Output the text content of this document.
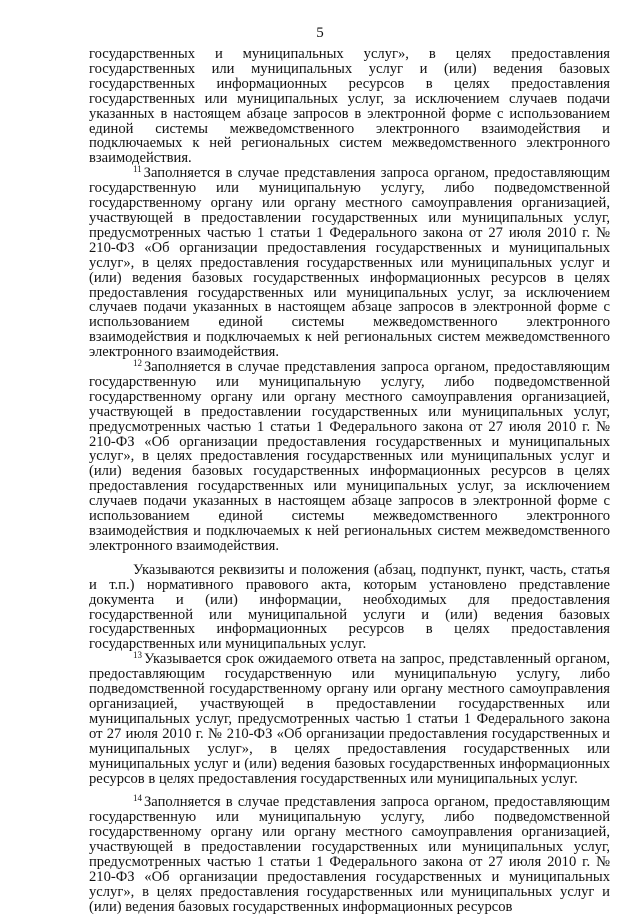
5

государственных и муниципальных услуг», в целях предоставления государственных или муниципальных услуг и (или) ведения базовых государственных информационных ресурсов в целях предоставления государственных или муниципальных услуг, за исключением случаев подачи указанных в настоящем абзаце запросов в электронной форме с использованием единой системы межведомственного электронного взаимодействия и подключаемых к ней региональных систем межведомственного электронного взаимодействия.

$^{11}$ Заполняется в случае представления запроса органом, предоставляющим государственную или муниципальную услугу, либо подведомственной государственному органу или органу местного самоуправления организацией, участвующей в предоставлении государственных или муниципальных услуг, предусмотренных частью 1 статьи 1 Федерального закона от 27 июля 2010 г. № 210-ФЗ «Об организации предоставления государственных и муниципальных услуг», в целях предоставления государственных или муниципальных услуг и (или) ведения базовых государственных информационных ресурсов в целях предоставления государственных или муниципальных услуг, за исключением случаев подачи указанных в настоящем абзаце запросов в электронной форме с использованием единой системы межведомственного электронного взаимодействия и подключаемых к ней региональных систем межведомственного электронного взаимодействия.

$^{12}$ Заполняется в случае представления запроса органом, предоставляющим государственную или муниципальную услугу, либо подведомственной государственному органу или органу местного самоуправления организацией, участвующей в предоставлении государственных или муниципальных услуг, предусмотренных частью 1 статьи 1 Федерального закона от 27 июля 2010 г. № 210-ФЗ «Об организации предоставления государственных и муниципальных услуг», в целях предоставления государственных или муниципальных услуг и (или) ведения базовых государственных информационных ресурсов в целях предоставления государственных или муниципальных услуг, за исключением случаев подачи указанных в настоящем абзаце запросов в электронной форме с использованием единой системы межведомственного электронного взаимодействия и подключаемых к ней региональных систем межведомственного электронного взаимодействия.

Указываются реквизиты и положения (абзац, подпункт, пункт, часть, статья и т.п.) нормативного правового акта, которым установлено представление документа и (или) информации, необходимых для предоставления государственной или муниципальной услуги и (или) ведения базовых государственных информационных ресурсов в целях предоставления государственных или муниципальных услуг.

$^{13}$ Указывается срок ожидаемого ответа на запрос, представленный органом, предоставляющим государственную или муниципальную услугу, либо подведомственной государственному органу или органу местного самоуправления организацией, участвующей в предоставлении государственных или муниципальных услуг, предусмотренных частью 1 статьи 1 Федерального закона от 27 июля 2010 г. № 210-ФЗ «Об организации предоставления государственных и муниципальных услуг», в целях предоставления государственных или муниципальных услуг и (или) ведения базовых государственных информационных ресурсов в целях предоставления государственных или муниципальных услуг.

$^{14}$ Заполняется в случае представления запроса органом, предоставляющим государственную или муниципальную услугу, либо подведомственной государственному органу или органу местного самоуправления организацией, участвующей в предоставлении государственных или муниципальных услуг, предусмотренных частью 1 статьи 1 Федерального закона от 27 июля 2010 г. № 210-ФЗ «Об организации предоставления государственных и муниципальных услуг», в целях предоставления государственных или муниципальных услуг и (или) ведения базовых государственных информационных ресурсов
